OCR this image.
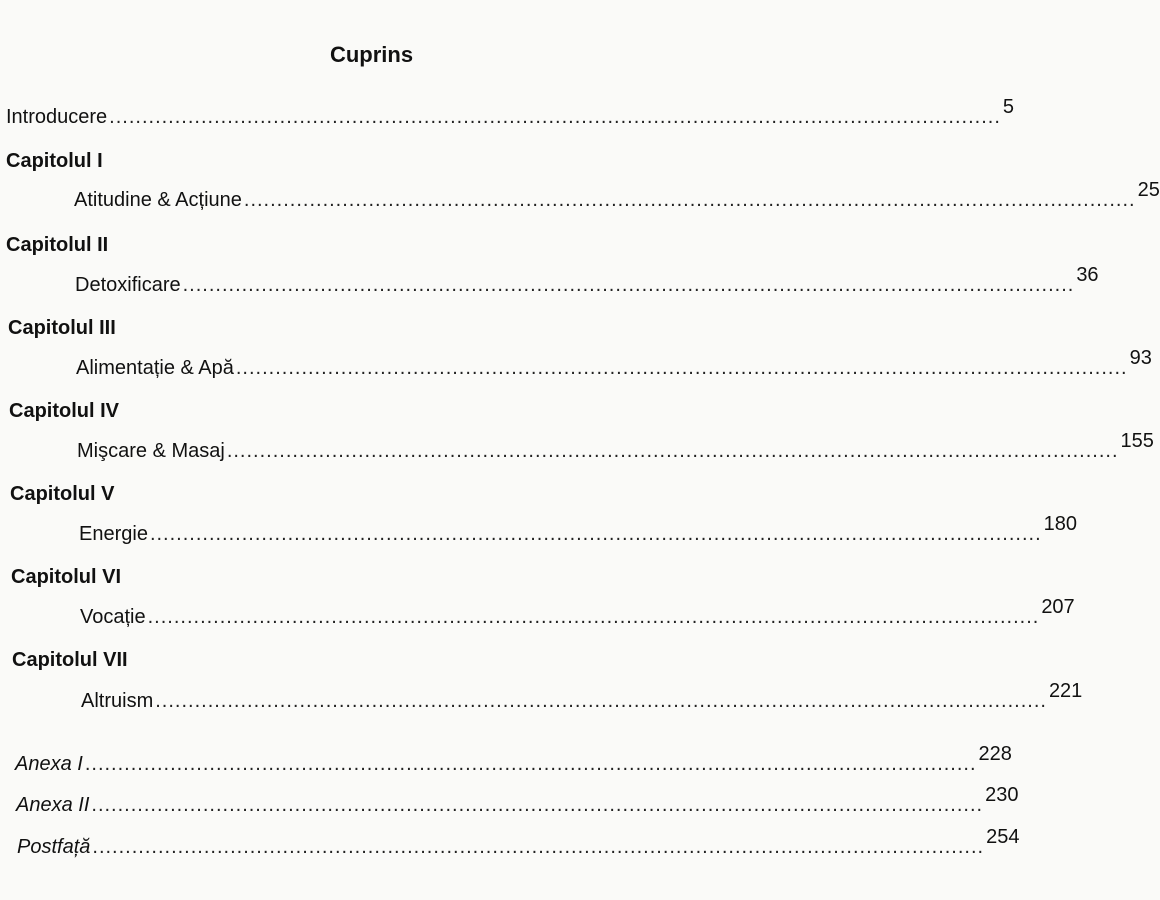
Cuprins
Introducere ........................................................................................................................................ 5
Capitolul I
Atitudine & Acțiune ........................................................................................................................................ 25
Capitolul II
Detoxificare ........................................................................................................................................ 36
Capitolul III
Alimentație & Apă ........................................................................................................................................ 93
Capitolul IV
Mişcare & Masaj ........................................................................................................................................ 155
Capitolul V
Energie ........................................................................................................................................ 180
Capitolul VI
Vocație ........................................................................................................................................ 207
Capitolul VII
Altruism ........................................................................................................................................ 221
Anexa I ........................................................................................................................................ 228
Anexa II ........................................................................................................................................ 230
Postfață ........................................................................................................................................ 254
